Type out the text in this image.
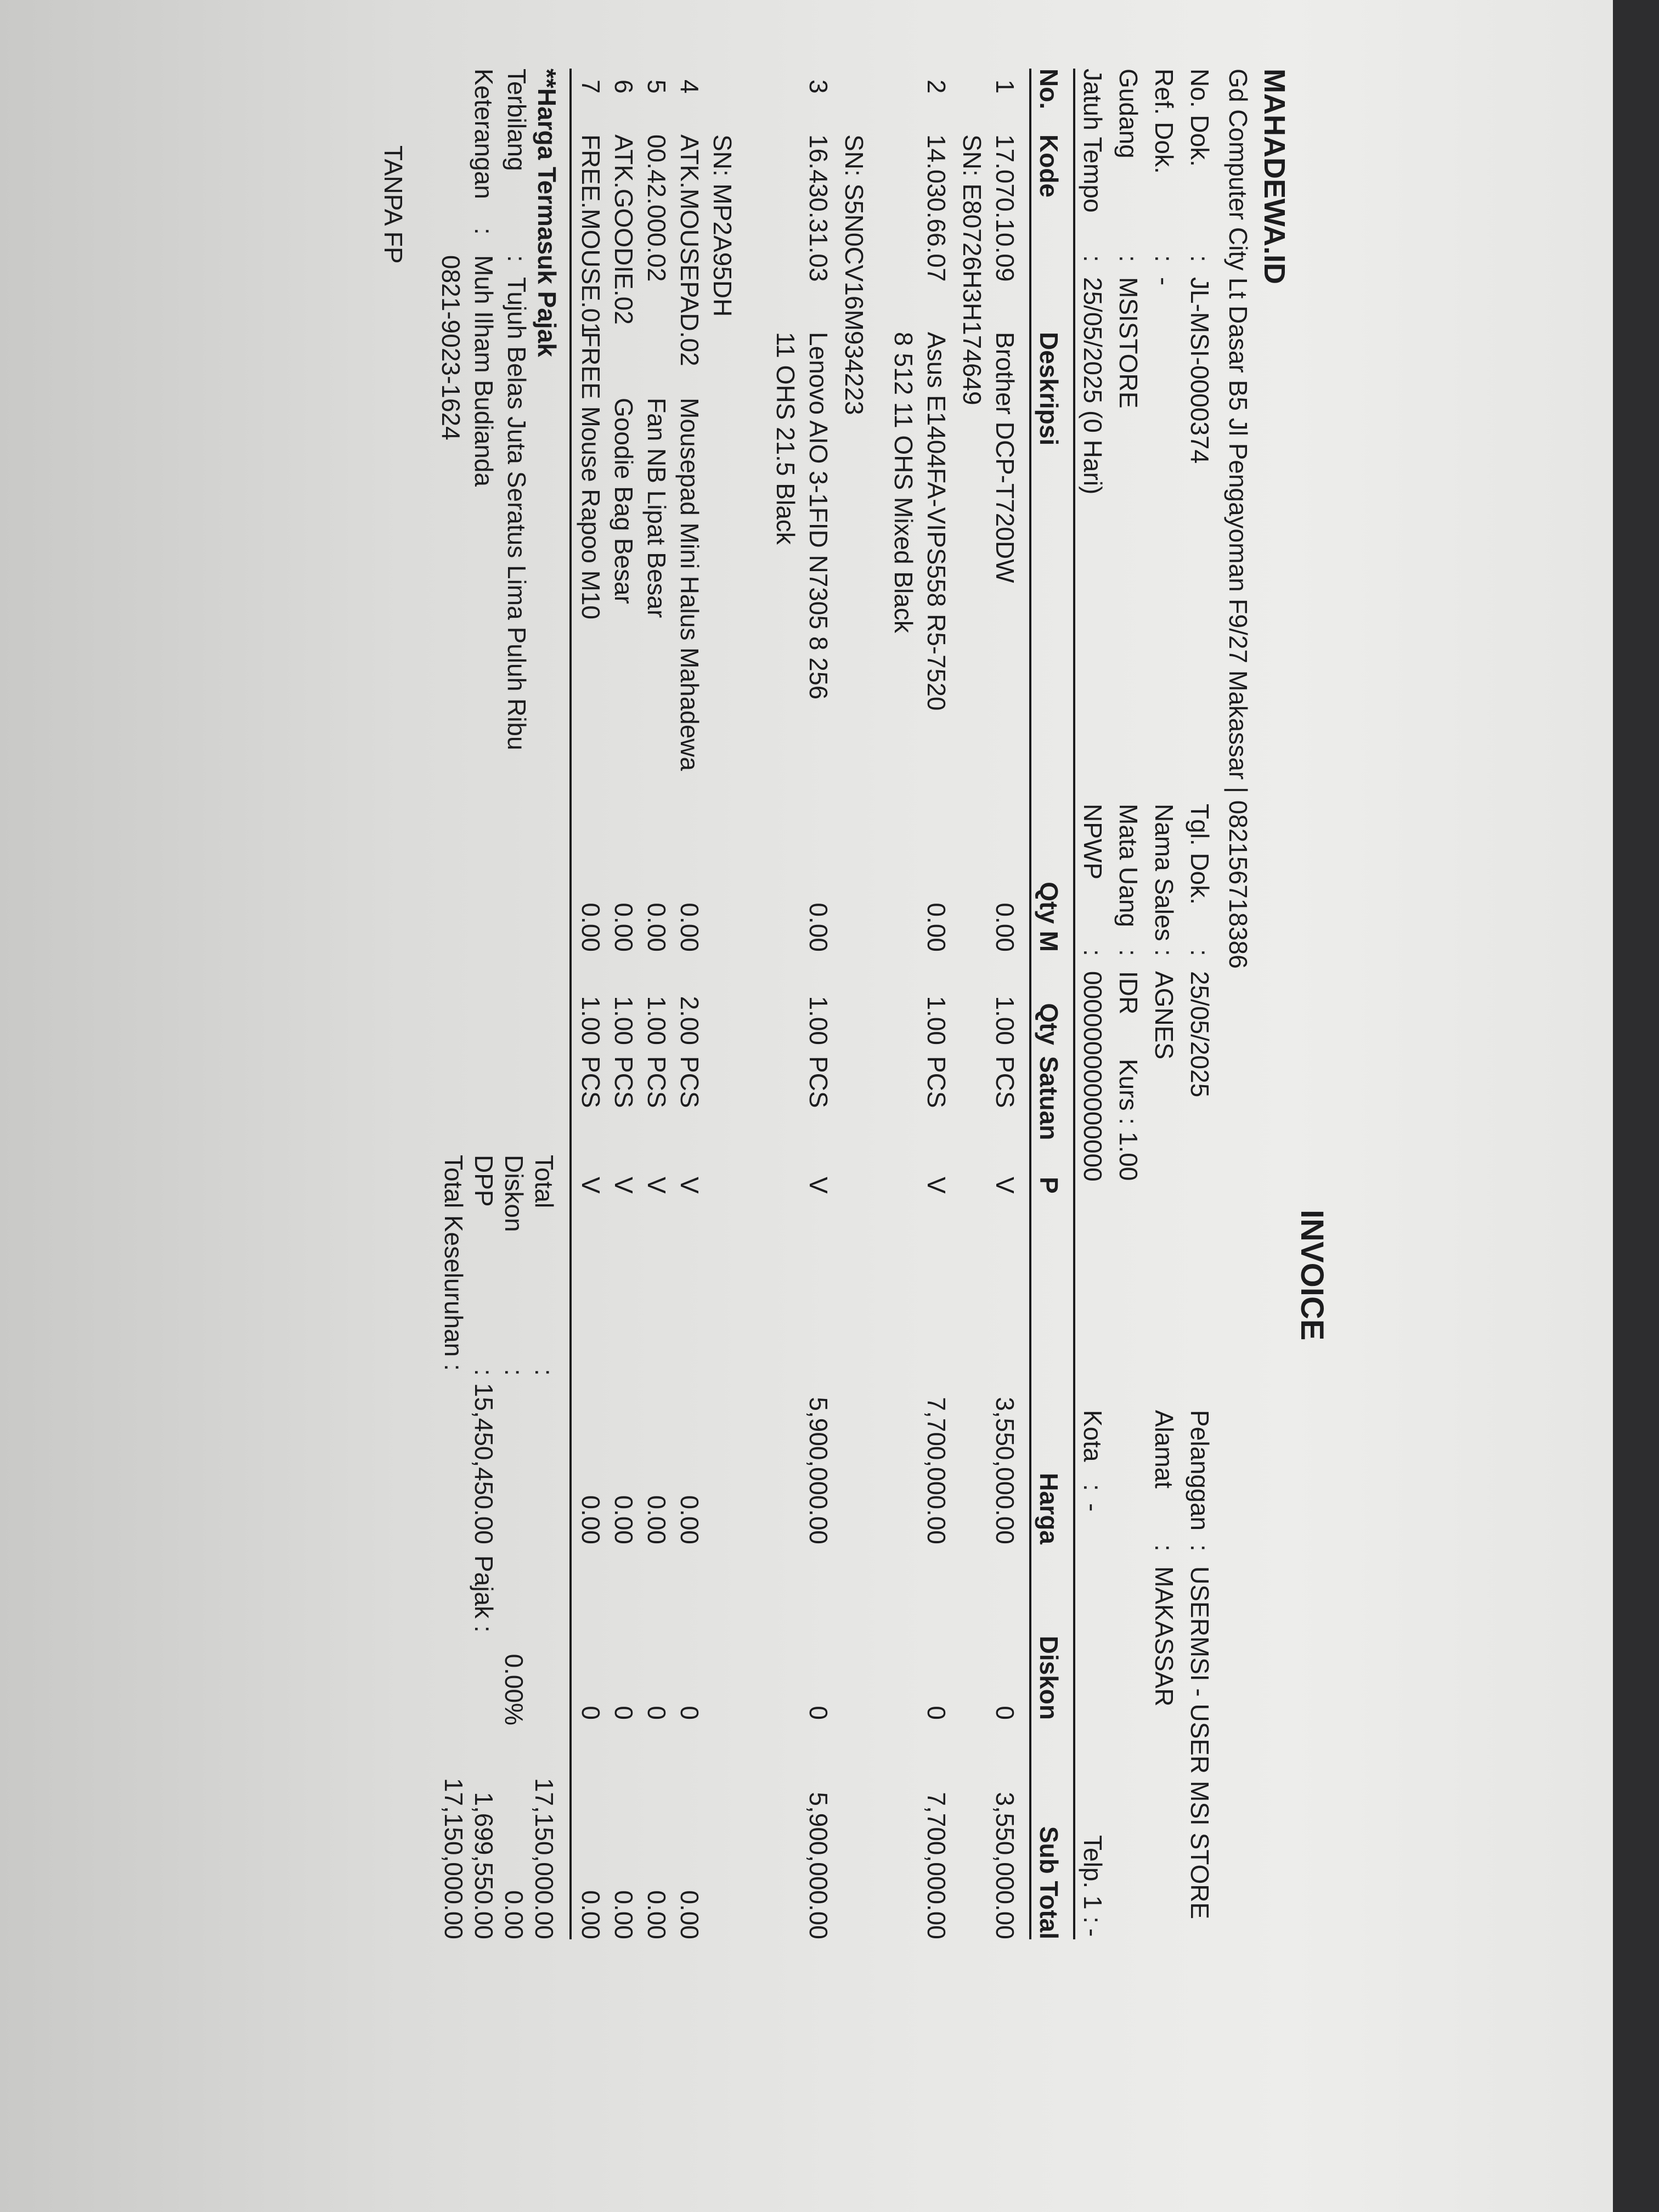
INVOICE
MAHADEWA.ID
Gd Computer City Lt Dasar B5 Jl Pengayoman F9/27 Makassar | 082156718386
No. Dok.
:
JL-MSI-0000374
Ref. Dok.
:
-
Gudang
:
MSISTORE
Jatuh Tempo
:
25/05/2025 (0 Hari)
Tgl. Dok.
:
25/05/2025
Nama Sales
:
AGNES
Mata Uang
:
IDR
Kurs : 1.00
NPWP
:
000000000000000
Pelanggan
:
USERMSI - USER MSI STORE
Alamat
:
MAKASSAR
Kota
:
-
Telp. 1 :
-
No.
Kode
Deskripsi
Qty M
Qty
Satuan
P
Harga
Diskon
Sub Total
1
17.070.10.09
Brother DCP-T720DW
0.00
1.00
PCS
V
3,550,000.00
0
3,550,000.00
SN: E80726H3H174649
2
14.030.66.07
Asus E1404FA-VIPS558 R5-7520
8 512 11 OHS Mixed Black
0.00
1.00
PCS
V
7,700,000.00
0
7,700,000.00
SN: S5N0CV16M934223
3
16.430.31.03
Lenovo AIO 3-1FID N7305 8 256
11 OHS 21.5 Black
0.00
1.00
PCS
V
5,900,000.00
0
5,900,000.00
SN: MP2A95DH
4
ATK.MOUSEPAD.02
Mousepad Mini Halus Mahadewa
0.00
2.00
PCS
V
0.00
0
0.00
5
00.42.000.02
Fan NB Lipat Besar
0.00
1.00
PCS
V
0.00
0
0.00
6
ATK.GOODIE.02
Goodie Bag Besar
0.00
1.00
PCS
V
0.00
0
0.00
7
FREE.MOUSE.01
FREE Mouse Rapoo M10
0.00
1.00
PCS
V
0.00
0
0.00
**Harga Termasuk Pajak
Terbilang
:
Tujuh Belas Juta Seratus Lima Puluh Ribu
Keterangan
:
Muh Ilham Budianda
0821-9023-1624
TANPA FP
Total
:
17,150,000.00
Diskon
:
0.00%
0.00
DPP
:
15,450,450.00
Pajak :
1,699,550.00
Total Keseluruhan :
17,150,000.00
